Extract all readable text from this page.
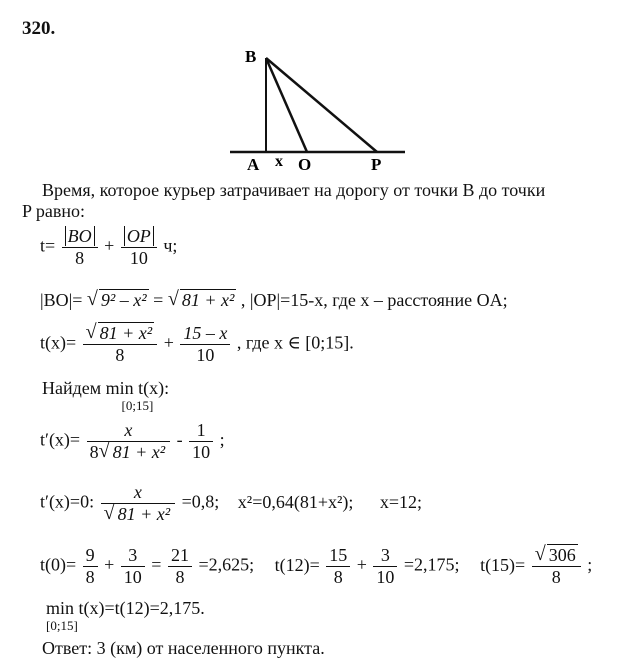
320.
B
A x O	P
Время, которое курьер затрачивает на дорогу от точки B до точки
P равно:
$t= \frac{BO}{8} + \frac{OP}{10} ч$;
|BO|= √ 9² – x² = √ 81 + x² , |OP|=15-x, где x – расстояние OA;
$t(x)= \frac{\text{√ 81 + x²}}{8} + \frac{15 - x}{10}$ , где x ∈ [0;15].
Найдем min t(x):
[0;15]
$t'(x)= \frac{x}{\text{8 √ 81 + x²}} - \frac{1}{10}$ ;
t′(x)=0: $\frac{x}{\text{√ 81 + x²}} =0,8$; x²=0,64(81+x²); x=12;
$t(0)= \frac{9}{8} + \frac{3}{10} = \frac{21}{8} =2,625$; $t(12)= \frac{15}{8} + \frac{3}{10} =2,175$; $t(15)= \frac{√ 306}{8}$ ;
min t(x)=t(12)=2,175.
[0;15]
Ответ: 3 (км) от населенного пункта.
